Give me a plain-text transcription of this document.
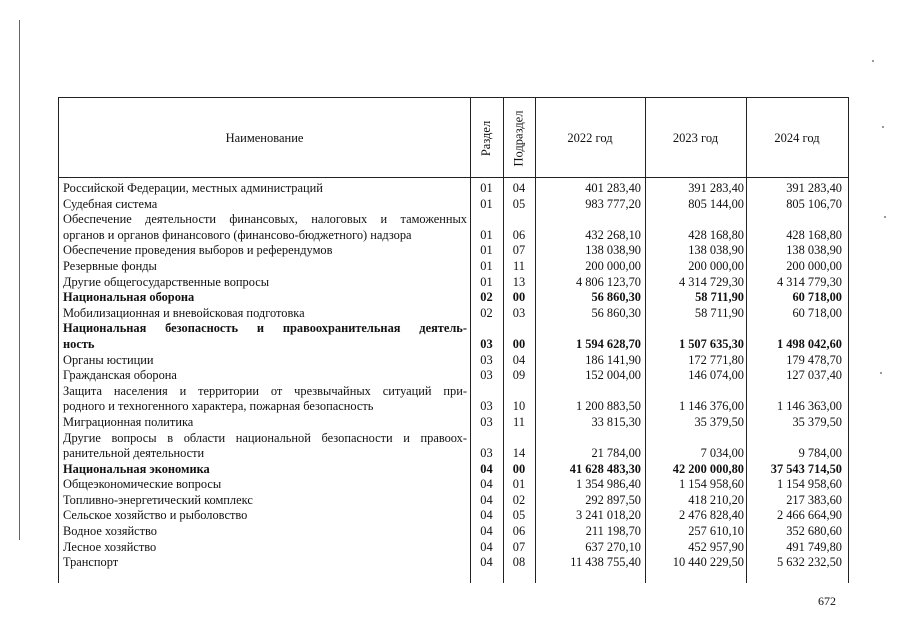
Наименование	Раздел Подраздел	2022 год	2023 год	2024 год
Российской Федерации, местных администраций	01	04	401 283,40	391 283,40	391 283,40
Судебная система	01	05	983 777,20	805 144,00	805 106,70
Обеспечение деятельности финансовых, налоговых и таможенных
органов и органов финансового (финансово-бюджетного) надзора	01	06	432 268,10	428 168,80	428 168,80
Обеспечение проведения выборов и референдумов	01	07	138 038,90	138 038,90	138 038,90
Резервные фонды	01	11	200 000,00	200 000,00	200 000,00
Другие общегосударственные вопросы	01	13	4 806 123,70	4 314 729,30	4 314 779,30
Национальная оборона	02	00	56 860,30	58 711,90	60 718,00
Мобилизационная и вневойсковая подготовка	02	03	56 860,30	58 711,90	60 718,00
Национальная безопасность и правоохранительная деятель-
ность	03	00	1 594 628,70	1 507 635,30	1 498 042,60
Органы юстиции	03	04	186 141,90	172 771,80	179 478,70
Гражданская оборона	03	09	152 004,00	146 074,00	127 037,40
Защита населения и территории от чрезвычайных ситуаций при-
родного и техногенного характера, пожарная безопасность	03	10	1 200 883,50	1 146 376,00	1 146 363,00
Миграционная политика	03	11	33 815,30	35 379,50	35 379,50
Другие вопросы в области национальной безопасности и правоох-
ранительной деятельности	03	14	21 784,00	7 034,00	9 784,00
Национальная экономика	04	00	41 628 483,30	42 200 000,80	37 543 714,50
Общеэкономические вопросы	04	01	1 354 986,40	1 154 958,60	1 154 958,60
Топливно-энергетический комплекс	04	02	292 897,50	418 210,20	217 383,60
Сельское хозяйство и рыболовство	04	05	3 241 018,20	2 476 828,40	2 466 664,90
Водное хозяйство	04	06	211 198,70	257 610,10	352 680,60
Лесное хозяйство	04	07	637 270,10	452 957,90	491 749,80
Транспорт	04	08	11 438 755,40	10 440 229,50	5 632 232,50
672
